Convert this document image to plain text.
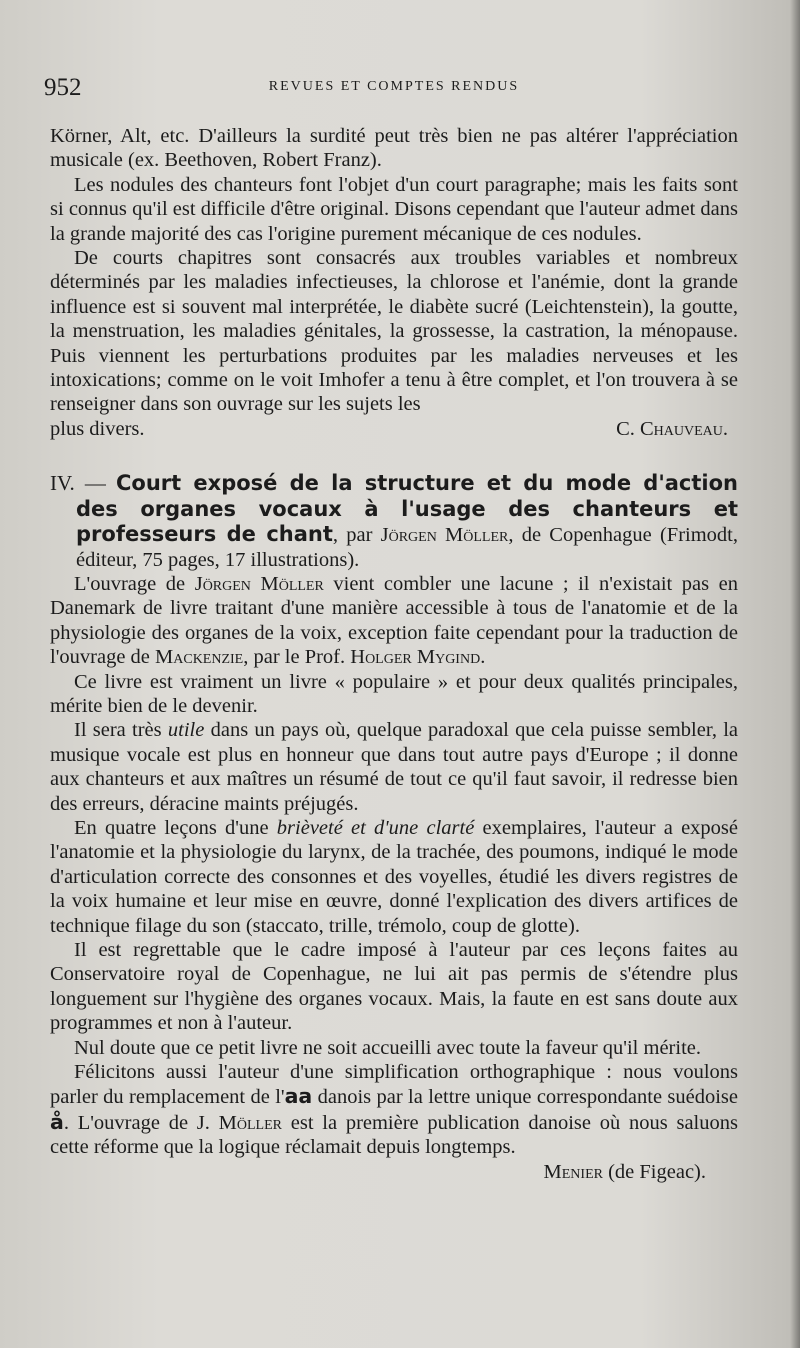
952	REVUES ET COMPTES RENDUS

Körner, Alt, etc. D'ailleurs la surdité peut très bien ne pas altérer l'appréciation musicale (ex. Beethoven, Robert Franz).

Les nodules des chanteurs font l'objet d'un court paragraphe; mais les faits sont si connus qu'il est difficile d'être original. Disons cependant que l'auteur admet dans la grande majorité des cas l'origine purement mécanique de ces nodules.

De courts chapitres sont consacrés aux troubles variables et nombreux déterminés par les maladies infectieuses, la chlorose et l'anémie, dont la grande influence est si souvent mal interprétée, le diabète sucré (Leichtenstein), la goutte, la menstruation, les maladies génitales, la grossesse, la castration, la ménopause. Puis viennent les perturbations produites par les maladies nerveuses et les intoxications; comme on le voit Imhofer a tenu à être complet, et l'on trouvera à se renseigner dans son ouvrage sur les sujets les

plus divers.	C. Chauveau.

IV. — Court exposé de la structure et du mode d'action des organes vocaux à l'usage des chanteurs et professeurs de chant, par Jörgen Möller, de Copenhague (Frimodt, éditeur, 75 pages, 17 illustrations).

L'ouvrage de Jörgen Möller vient combler une lacune ; il n'existait pas en Danemark de livre traitant d'une manière accessible à tous de l'anatomie et de la physiologie des organes de la voix, exception faite cependant pour la traduction de l'ouvrage de Mackenzie, par le Prof. Holger Mygind.

Ce livre est vraiment un livre « populaire » et pour deux qualités principales, mérite bien de le devenir.

Il sera très utile dans un pays où, quelque paradoxal que cela puisse sembler, la musique vocale est plus en honneur que dans tout autre pays d'Europe ; il donne aux chanteurs et aux maîtres un résumé de tout ce qu'il faut savoir, il redresse bien des erreurs, déracine maints préjugés.

En quatre leçons d'une brièveté et d'une clarté exemplaires, l'auteur a exposé l'anatomie et la physiologie du larynx, de la trachée, des poumons, indiqué le mode d'articulation correcte des consonnes et des voyelles, étudié les divers registres de la voix humaine et leur mise en œuvre, donné l'explication des divers artifices de technique filage du son (staccato, trille, trémolo, coup de glotte).

Il est regrettable que le cadre imposé à l'auteur par ces leçons faites au Conservatoire royal de Copenhague, ne lui ait pas permis de s'étendre plus longuement sur l'hygiène des organes vocaux. Mais, la faute en est sans doute aux programmes et non à l'auteur.

Nul doute que ce petit livre ne soit accueilli avec toute la faveur qu'il mérite.

Félicitons aussi l'auteur d'une simplification orthographique : nous voulons parler du remplacement de l'aa danois par la lettre unique correspondante suédoise å. L'ouvrage de J. Möller est la première publication danoise où nous saluons cette réforme que la logique réclamait depuis longtemps.

Menier (de Figeac).
